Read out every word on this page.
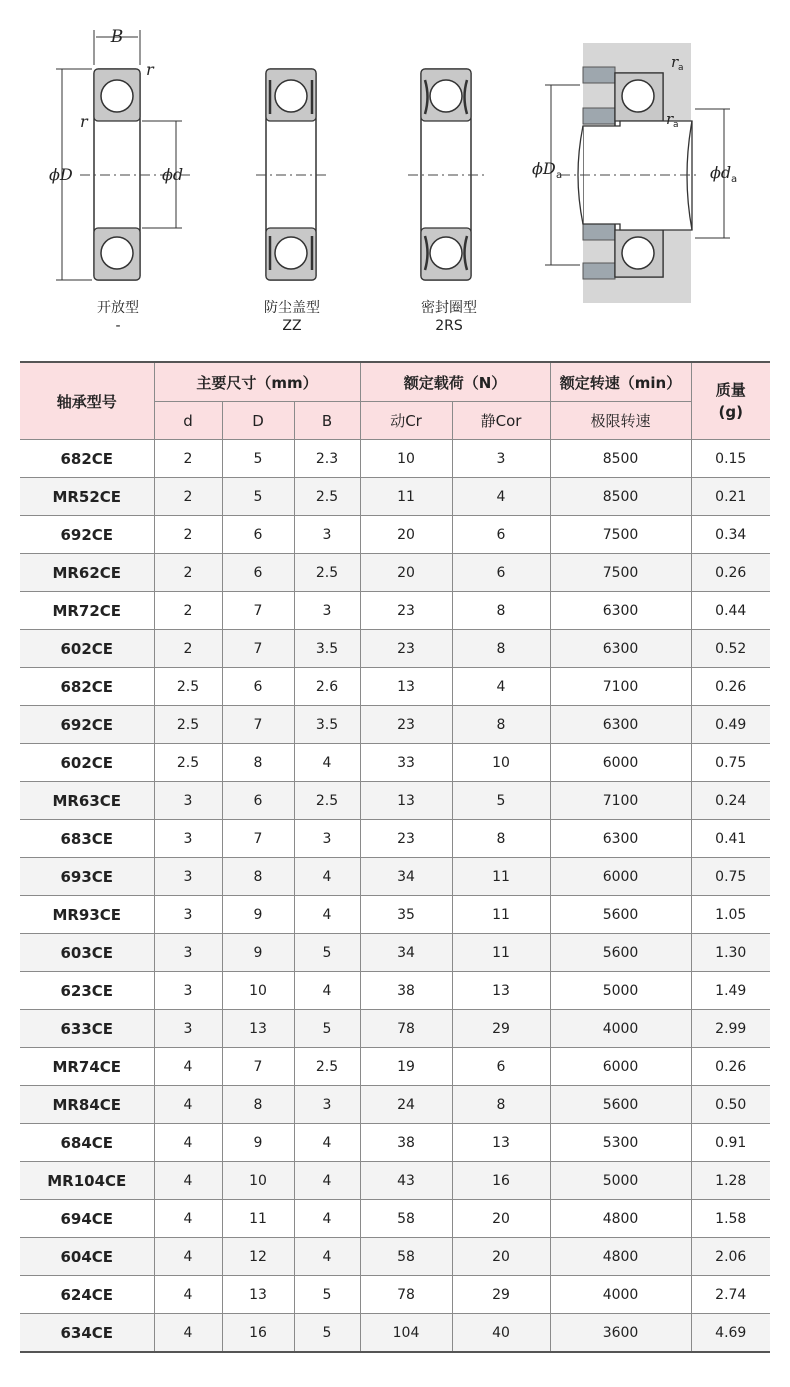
B
r
r
ϕD	ϕd	ϕD a	ϕd a
r a
r a
开放型
-
防尘盖型
ZZ
密封圈型
2RS
轴承型号	主要尺寸（mm）			额定载荷（N）		额定转速（min）	质量
(g)
	d	D	B	动Cr	静Cor	极限转速	
682CE	2	5	2.3	10	3	8500	0.15
MR52CE	2	5	2.5	11	4	8500	0.21
692CE	2	6	3	20	6	7500	0.34
MR62CE	2	6	2.5	20	6	7500	0.26
MR72CE	2	7	3	23	8	6300	0.44
602CE	2	7	3.5	23	8	6300	0.52
682CE	2.5	6	2.6	13	4	7100	0.26
692CE	2.5	7	3.5	23	8	6300	0.49
602CE	2.5	8	4	33	10	6000	0.75
MR63CE	3	6	2.5	13	5	7100	0.24
683CE	3	7	3	23	8	6300	0.41
693CE	3	8	4	34	11	6000	0.75
MR93CE	3	9	4	35	11	5600	1.05
603CE	3	9	5	34	11	5600	1.30
623CE	3	10	4	38	13	5000	1.49
633CE	3	13	5	78	29	4000	2.99
MR74CE	4	7	2.5	19	6	6000	0.26
MR84CE	4	8	3	24	8	5600	0.50
684CE	4	9	4	38	13	5300	0.91
MR104CE	4	10	4	43	16	5000	1.28
694CE	4	11	4	58	20	4800	1.58
604CE	4	12	4	58	20	4800	2.06
624CE	4	13	5	78	29	4000	2.74
634CE	4	16	5	104	40	3600	4.69
